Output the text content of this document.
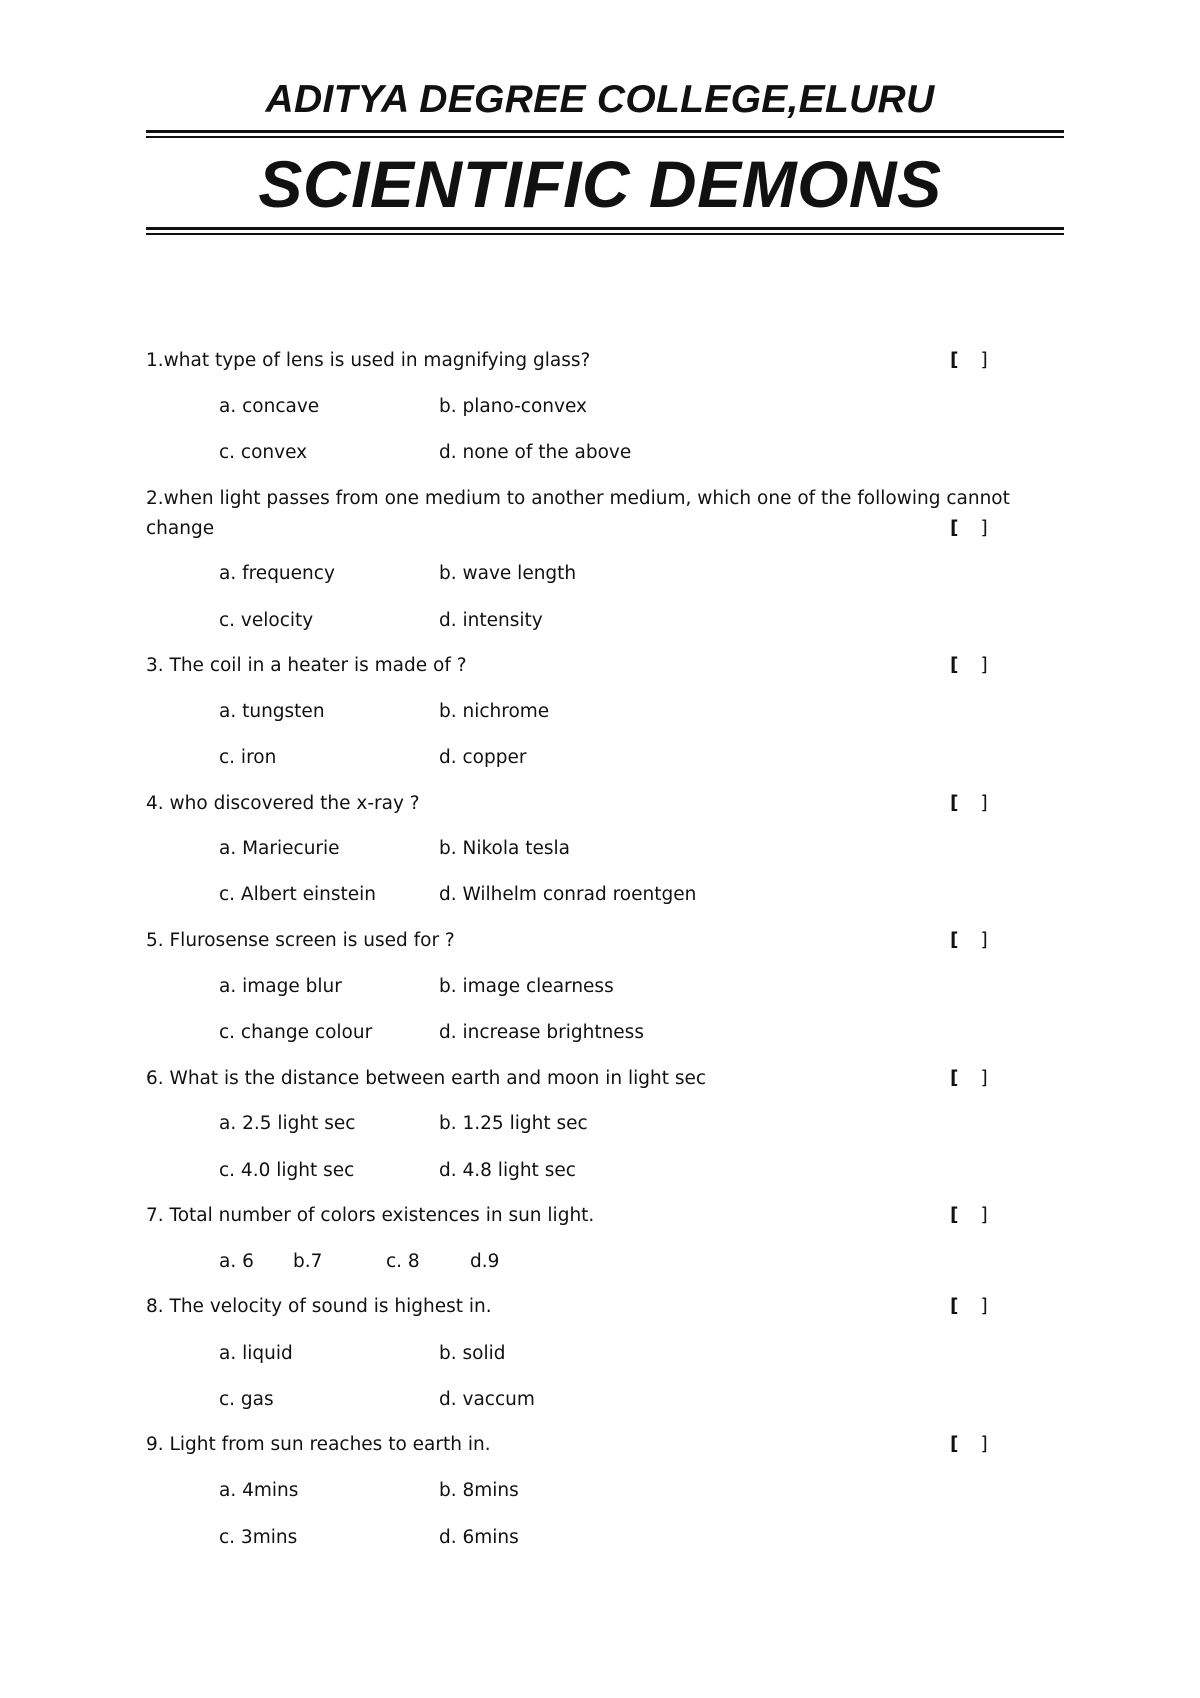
ADITYA DEGREE COLLEGE,ELURU
SCIENTIFIC DEMONS
1.what type of lens is used in magnifying glass?	[ ]
a. concave	b. plano-convex
c. convex	d. none of the above
2.when light passes from one medium to another medium, which one of the following cannot
change	[ ]
a. frequency	b. wave length
c. velocity	d. intensity
3. The coil in a heater is made of ?	[ ]
a. tungsten	b. nichrome
c. iron	d. copper
4. who discovered the x-ray ?	[ ]
a. Mariecurie	b. Nikola tesla
c. Albert einstein	d. Wilhelm conrad roentgen
5. Flurosense screen is used for ?	[ ]
a. image blur	b. image clearness
c. change colour	d. increase brightness
6. What is the distance between earth and moon in light sec	[ ]
a. 2.5 light sec	b. 1.25 light sec
c. 4.0 light sec	d. 4.8 light sec
7. Total number of colors existences in sun light.	[ ]
a. 6 b.7	c. 8	d.9
8. The velocity of sound is highest in.	[ ]
a. liquid	b. solid
c. gas	d. vaccum
9. Light from sun reaches to earth in.	[ ]
a. 4mins	b. 8mins
c. 3mins	d. 6mins
